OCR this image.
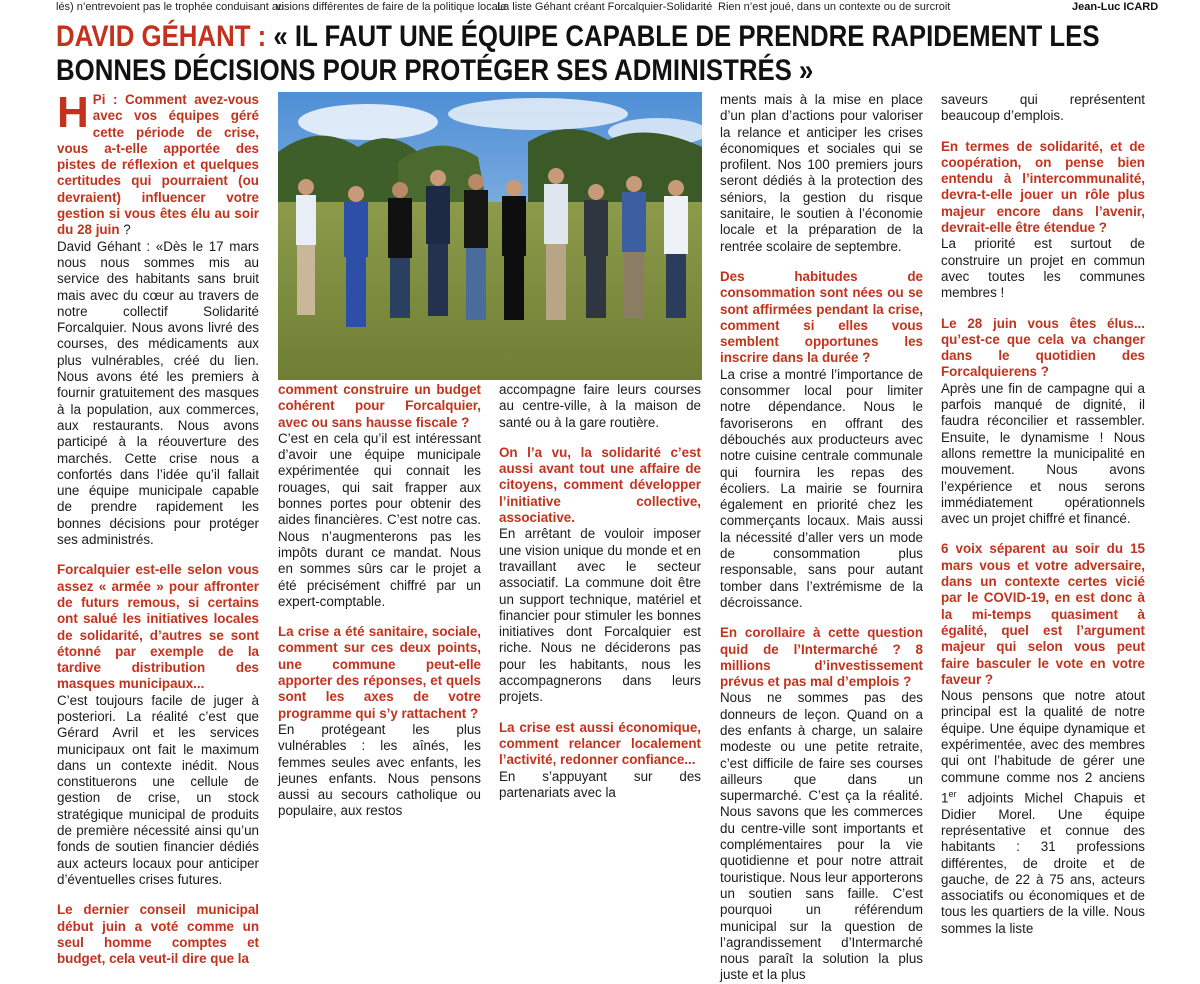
lés) n’entrevoient pas le trophée conduisant au
visions différentes de faire de la politique locale
La liste Géhant créant Forcalquier-Solidarité Rien n’est joué, dans un contexte ou de surcroit	Jean-Luc ICARD
DAVID GÉHANT : « IL FAUT UNE ÉQUIPE CAPABLE DE PRENDRE RAPIDEMENT LES BONNES DÉCISIONS POUR PROTÉGER SES ADMINISTRÉS »

H Pi : Comment avez-vous avec vos équipes géré cette période de crise, vous a-t-elle apportée des pistes de réflexion et quelques certitudes qui pourraient (ou devraient) influencer votre gestion si vous êtes élu au soir du 28 juin ?
David Géhant : «Dès le 17 mars nous nous sommes mis au service des habitants sans bruit mais avec du cœur au travers de notre collectif Solidarité Forcalquier. Nous avons livré des courses, des médicaments aux plus vulnérables, créé du lien. Nous avons été les premiers à fournir gratuitement des masques à la population, aux commerces, aux restaurants. Nous avons participé à la réouverture des marchés. Cette crise nous a confortés dans l’idée qu’il fallait une équipe municipale capable de prendre rapidement les bonnes décisions pour protéger ses administrés.

Forcalquier est-elle selon vous assez « armée » pour affronter de futurs remous, si certains ont salué les initiatives locales de solidarité, d’autres se sont étonné par exemple de la tardive distribution des masques municipaux...
C’est toujours facile de juger à posteriori. La réalité c’est que Gérard Avril et les services municipaux ont fait le maximum dans un contexte inédit. Nous constituerons une cellule de gestion de crise, un stock stratégique municipal de produits de première nécessité ainsi qu’un fonds de soutien financier dédiés aux acteurs locaux pour anticiper d’éventuelles crises futures.

Le dernier conseil municipal début juin a voté comme un seul homme comptes et budget, cela veut-il dire que la

comment construire un budget cohérent pour Forcalquier, avec ou sans hausse fiscale ?
C’est en cela qu’il est intéressant d’avoir une équipe municipale expérimentée qui connait les rouages, qui sait frapper aux bonnes portes pour obtenir des aides financières. C’est notre cas. Nous n’augmenterons pas les impôts durant ce mandat. Nous en sommes sûrs car le projet a été précisément chiffré par un expert-comptable.

La crise a été sanitaire, sociale, comment sur ces deux points, une commune peut-elle apporter des réponses, et quels sont les axes de votre programme qui s’y rattachent ?
En protégeant les plus vulnérables : les aînés, les femmes seules avec enfants, les jeunes enfants. Nous pensons aussi au secours catholique ou populaire, aux restos

accompagne faire leurs courses au centre-ville, à la maison de santé ou à la gare routière.

On l’a vu, la solidarité c’est aussi avant tout une affaire de citoyens, comment développer l’initiative collective, associative.
En arrêtant de vouloir imposer une vision unique du monde et en travaillant avec le secteur associatif. La commune doit être un support technique, matériel et financier pour stimuler les bonnes initiatives dont Forcalquier est riche. Nous ne déciderons pas pour les habitants, nous les accompagnerons dans leurs projets.

La crise est aussi économique, comment relancer localement l’activité, redonner confiance...
En s’appuyant sur des partenariats avec la

ments mais à la mise en place d’un plan d’actions pour valoriser la relance et anticiper les crises économiques et sociales qui se profilent. Nos 100 premiers jours seront dédiés à la protection des séniors, la gestion du risque sanitaire, le soutien à l’économie locale et la préparation de la rentrée scolaire de septembre.

Des habitudes de consommation sont nées ou se sont affirmées pendant la crise, comment si elles vous semblent opportunes les inscrire dans la durée ?
La crise a montré l’importance de consommer local pour limiter notre dépendance. Nous le favoriserons en offrant des débouchés aux producteurs avec notre cuisine centrale communale qui fournira les repas des écoliers. La mairie se fournira également en priorité chez les commerçants locaux. Mais aussi la nécessité d’aller vers un mode de consommation plus responsable, sans pour autant tomber dans l’extrémisme de la décroissance.

En corollaire à cette question quid de l’Intermarché ? 8 millions d’investissement prévus et pas mal d’emplois ?
Nous ne sommes pas des donneurs de leçon. Quand on a des enfants à charge, un salaire modeste ou une petite retraite, c’est difficile de faire ses courses ailleurs que dans un supermarché. C’est ça la réalité. Nous savons que les commerces du centre-ville sont importants et complémentaires pour la vie quotidienne et pour notre attrait touristique. Nous leur apporterons un soutien sans faille. C’est pourquoi un référendum municipal sur la question de l’agrandissement d’Intermarché nous paraît la solution la plus juste et la plus

saveurs qui représentent beaucoup d’emplois.

En termes de solidarité, et de coopération, on pense bien entendu à l’intercommunalité, devra-t-elle jouer un rôle plus majeur encore dans l’avenir, devrait-elle être étendue ?
La priorité est surtout de construire un projet en commun avec toutes les communes membres !

Le 28 juin vous êtes élus... qu’est-ce que cela va changer dans le quotidien des Forcalquierens ?
Après une fin de campagne qui a parfois manqué de dignité, il faudra réconcilier et rassembler. Ensuite, le dynamisme ! Nous allons remettre la municipalité en mouvement. Nous avons l’expérience et nous serons immédiatement opérationnels avec un projet chiffré et financé.

6 voix séparent au soir du 15 mars vous et votre adversaire, dans un contexte certes vicié par le COVID-19, en est donc à la mi-temps quasiment à égalité, quel est l’argument majeur qui selon vous peut faire basculer le vote en votre faveur ?
Nous pensons que notre atout principal est la qualité de notre équipe. Une équipe dynamique et expérimentée, avec des membres qui ont l’habitude de gérer une commune comme nos 2 anciens 1er adjoints Michel Chapuis et Didier Morel. Une équipe représentative et connue des habitants : 31 professions différentes, de droite et de gauche, de 22 à 75 ans, acteurs associatifs ou économiques et de tous les quartiers de la ville. Nous sommes la liste
